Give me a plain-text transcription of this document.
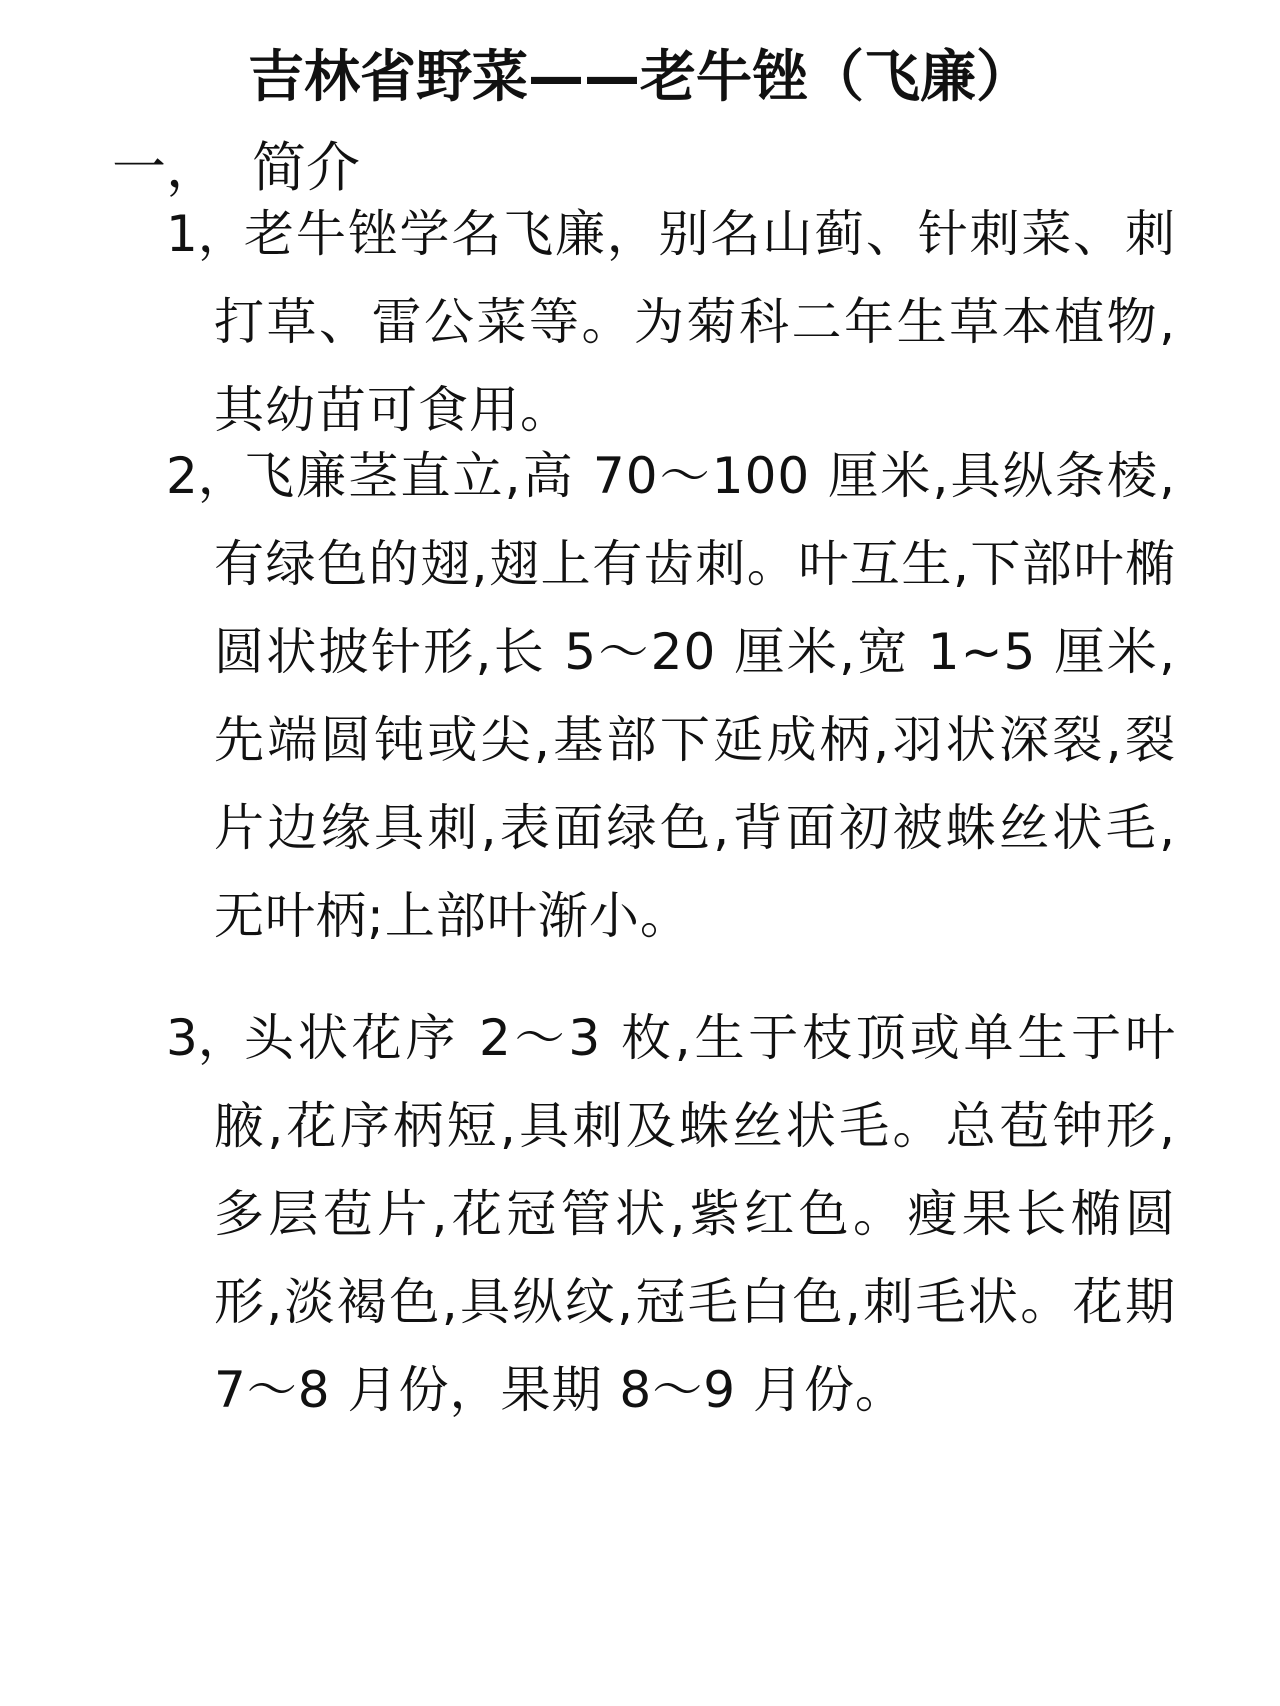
吉林省野菜——老牛锉（飞廉）
一， 简介
1，
老牛锉学名飞廉，别名山蓟、针刺菜、刺打草、雷公菜等。为菊科二年生草本植物,其幼苗可食用。
2，
飞廉茎直立,高 70～100 厘米,具纵条棱,有绿色的翅,翅上有齿刺。叶互生,下部叶椭圆状披针形,长 5～20 厘米,宽 1~5 厘米,先端圆钝或尖,基部下延成柄,羽状深裂,裂片边缘具刺,表面绿色,背面初被蛛丝状毛,无叶柄;上部叶渐小。
3，
头状花序 2～3 枚,生于枝顶或单生于叶腋,花序柄短,具刺及蛛丝状毛。总苞钟形,多层苞片,花冠管状,紫红色。瘦果长椭圆形,淡褐色,具纵纹,冠毛白色,刺毛状。花期 7～8 月份，果期 8～9 月份。
